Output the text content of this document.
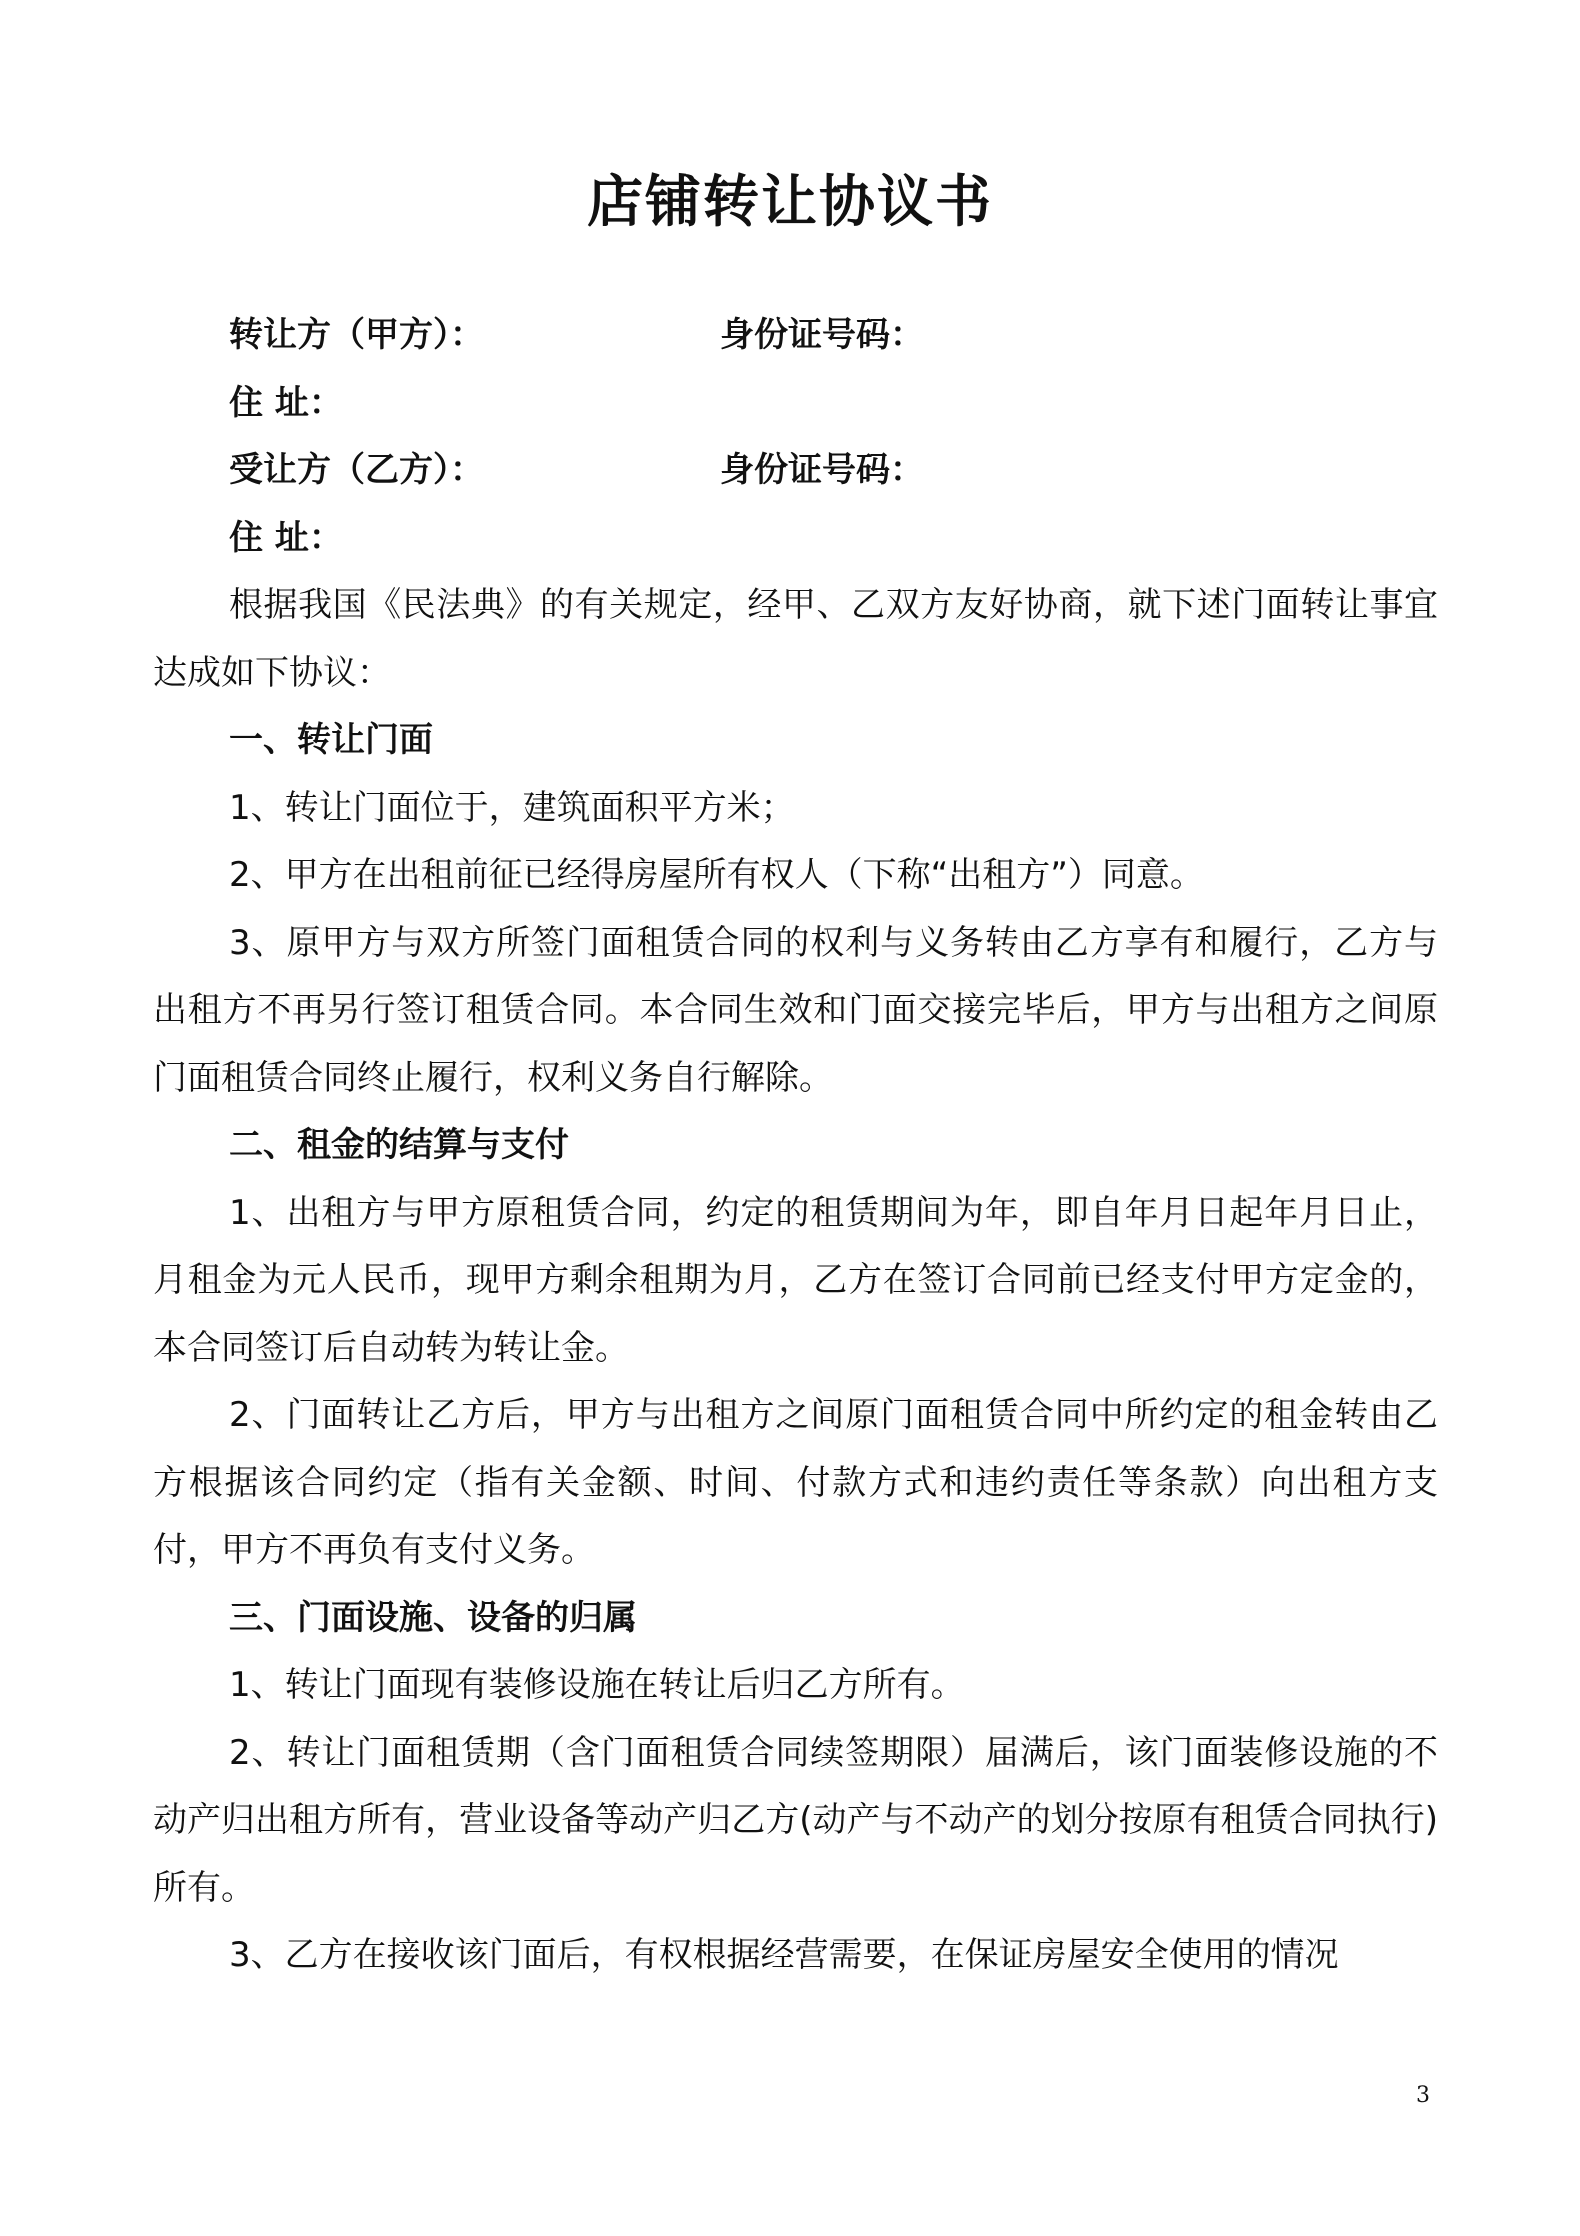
店铺转让协议书
转让方（甲方）：	身份证号码：
住 址：
受让方（乙方）：	身份证号码：
住 址：

根据我国《民法典》的有关规定，经甲、乙双方友好协商，就下述门面转让事宜达成如下协议：

一、转让门面

1、转让门面位于，建筑面积平方米；

2、甲方在出租前征已经得房屋所有权人（下称“出租方”）同意。

3、原甲方与双方所签门面租赁合同的权利与义务转由乙方享有和履行，乙方与出租方不再另行签订租赁合同。本合同生效和门面交接完毕后，甲方与出租方之间原门面租赁合同终止履行，权利义务自行解除。

二、租金的结算与支付

1、出租方与甲方原租赁合同，约定的租赁期间为年，即自年月日起年月日止，月租金为元人民币，现甲方剩余租期为月，乙方在签订合同前已经支付甲方定金的，本合同签订后自动转为转让金。

2、门面转让乙方后，甲方与出租方之间原门面租赁合同中所约定的租金转由乙方根据该合同约定（指有关金额、时间、付款方式和违约责任等条款）向出租方支付，甲方不再负有支付义务。

三、门面设施、设备的归属

1、转让门面现有装修设施在转让后归乙方所有。

2、转让门面租赁期（含门面租赁合同续签期限）届满后，该门面装修设施的不动产归出租方所有，营业设备等动产归乙方(动产与不动产的划分按原有租赁合同执行)所有。

3、乙方在接收该门面后，有权根据经营需要，在保证房屋安全使用的情况

3
